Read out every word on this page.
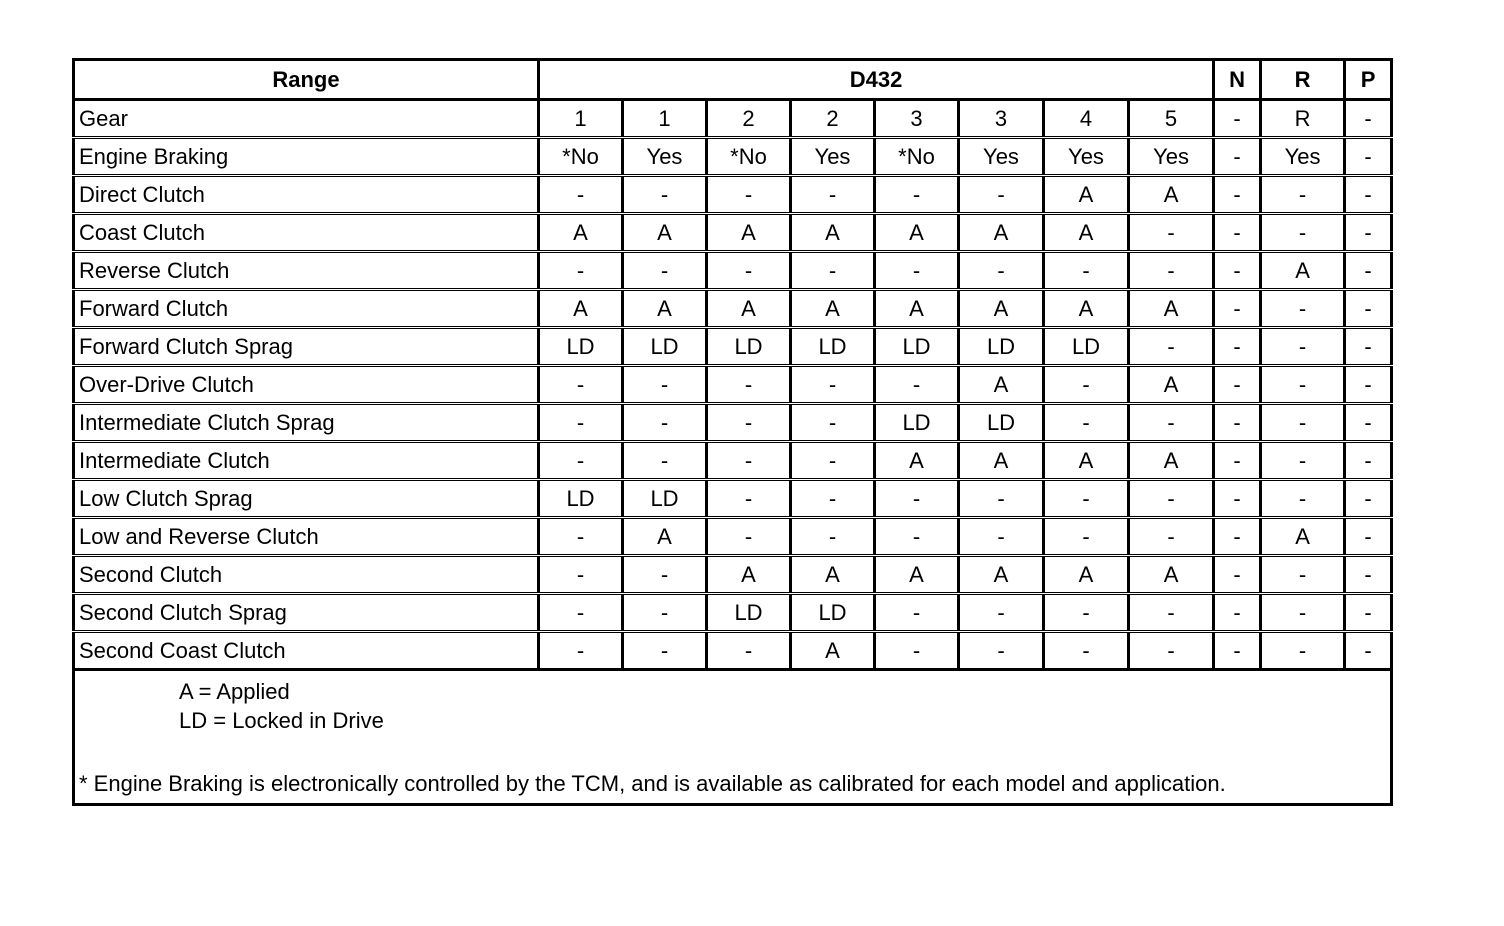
Range	D432								N	R	P
Gear	1	1	2	2	3	3	4	5	-	R	-
Engine Braking	*No	Yes	*No	Yes	*No	Yes	Yes	Yes	-	Yes	-
Direct Clutch	-	-	-	-	-	-	A	A	-	-	-
Coast Clutch	A	A	A	A	A	A	A	-	-	-	-
Reverse Clutch	-	-	-	-	-	-	-	-	-	A	-
Forward Clutch	A	A	A	A	A	A	A	A	-	-	-
Forward Clutch Sprag	LD	LD	LD	LD	LD	LD	LD	-	-	-	-
Over-Drive Clutch	-	-	-	-	-	A	-	A	-	-	-
Intermediate Clutch Sprag	-	-	-	-	LD	LD	-	-	-	-	-
Intermediate Clutch	-	-	-	-	A	A	A	A	-	-	-
Low Clutch Sprag	LD	LD	-	-	-	-	-	-	-	-	-
Low and Reverse Clutch	-	A	-	-	-	-	-	-	-	A	-
Second Clutch	-	-	A	A	A	A	A	A	-	-	-
Second Clutch Sprag	-	-	LD	LD	-	-	-	-	-	-	-
Second Coast Clutch	-	-	-	A	-	-	-	-	-	-	-

A = Applied
LD = Locked in Drive
* Engine Braking is electronically controlled by the TCM, and is available as calibrated for each model and application.											
